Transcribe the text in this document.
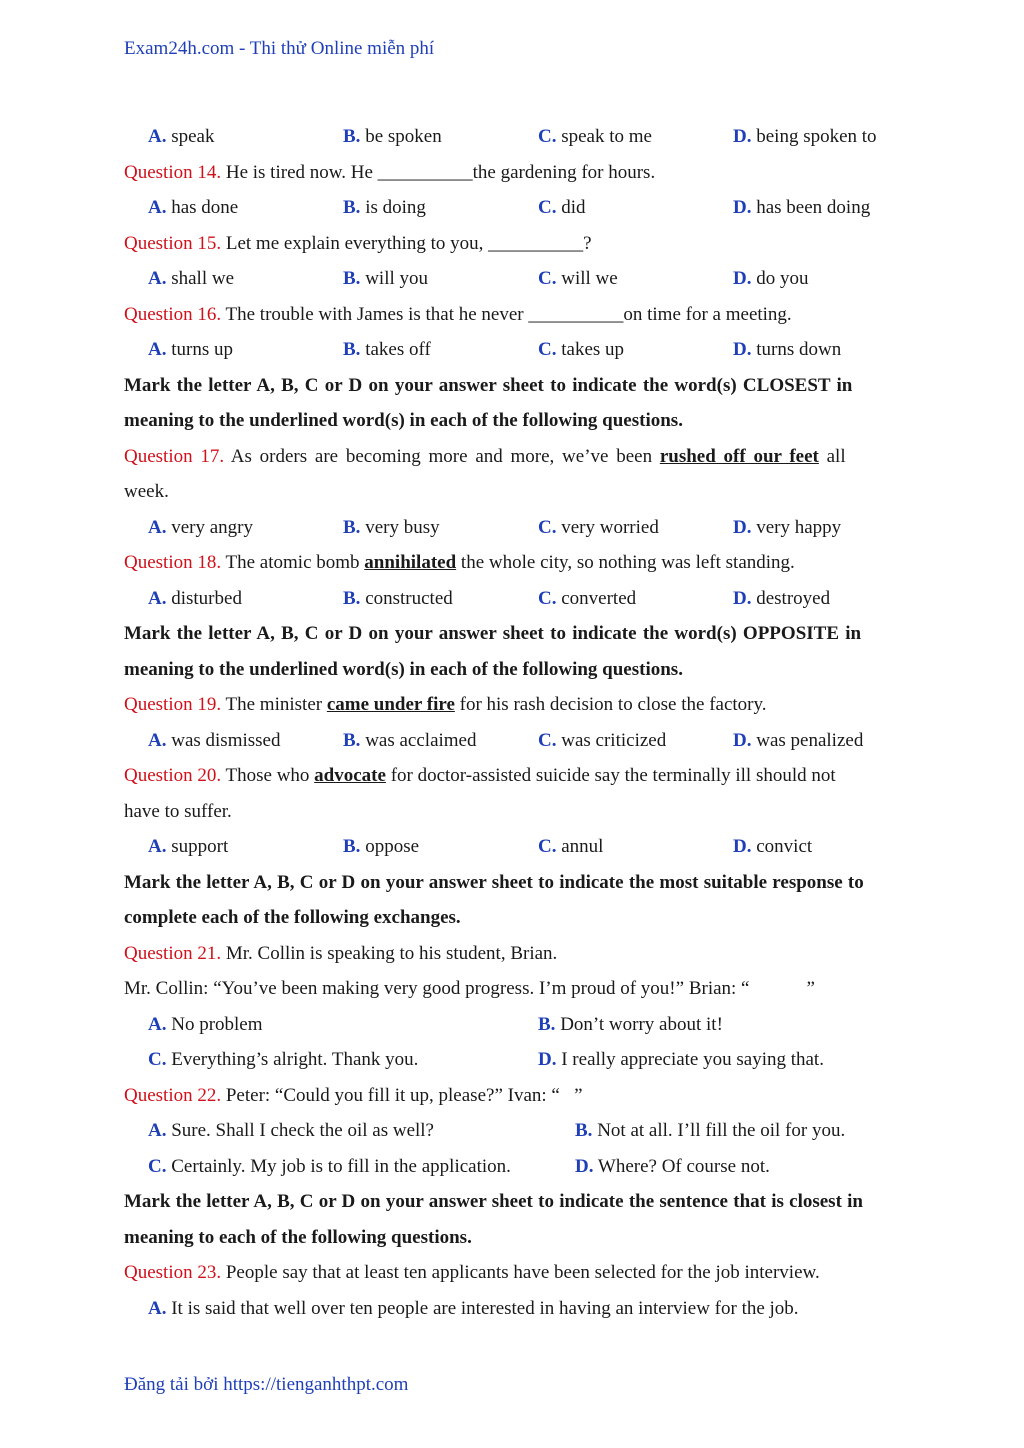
Exam24h.com - Thi thử Online miễn phí
A. speak	B. be spoken	C. speak to me	D. being spoken to
Question 14. He is tired now. He __________the gardening for hours.
A. has done	B. is doing	C. did	D. has been doing
Question 15. Let me explain everything to you, __________?
A. shall we	B. will you	C. will we	D. do you
Question 16. The trouble with James is that he never __________on time for a meeting.
A. turns up	B. takes off	C. takes up	D. turns down
Mark the letter A, B, C or D on your answer sheet to indicate the word(s) CLOSEST in
meaning to the underlined word(s) in each of the following questions.
Question 17. As orders are becoming more and more, we’ve been rushed off our feet all
week.
A. very angry	B. very busy	C. very worried	D. very happy
Question 18. The atomic bomb annihilated the whole city, so nothing was left standing.
A. disturbed	B. constructed	C. converted	D. destroyed
Mark the letter A, B, C or D on your answer sheet to indicate the word(s) OPPOSITE in
meaning to the underlined word(s) in each of the following questions.
Question 19. The minister came under fire for his rash decision to close the factory.
A. was dismissed	B. was acclaimed	C. was criticized	D. was penalized
Question 20. Those who advocate for doctor-assisted suicide say the terminally ill should not
have to suffer.
A. support	B. oppose	C. annul	D. convict
Mark the letter A, B, C or D on your answer sheet to indicate the most suitable response to
complete each of the following exchanges.
Question 21. Mr. Collin is speaking to his student, Brian.
Mr. Collin: “You’ve been making very good progress. I’m proud of you!” Brian: “            ”
A. No problem	B. Don’t worry about it!
C. Everything’s alright. Thank you.	D. I really appreciate you saying that.
Question 22. Peter: “Could you fill it up, please?” Ivan: “   ”
A. Sure. Shall I check the oil as well?	B. Not at all. I’ll fill the oil for you.
C. Certainly. My job is to fill in the application.	D. Where? Of course not.
Mark the letter A, B, C or D on your answer sheet to indicate the sentence that is closest in
meaning to each of the following questions.
Question 23. People say that at least ten applicants have been selected for the job interview.
A. It is said that well over ten people are interested in having an interview for the job.
Đăng tải bởi https://tienganhthpt.com
